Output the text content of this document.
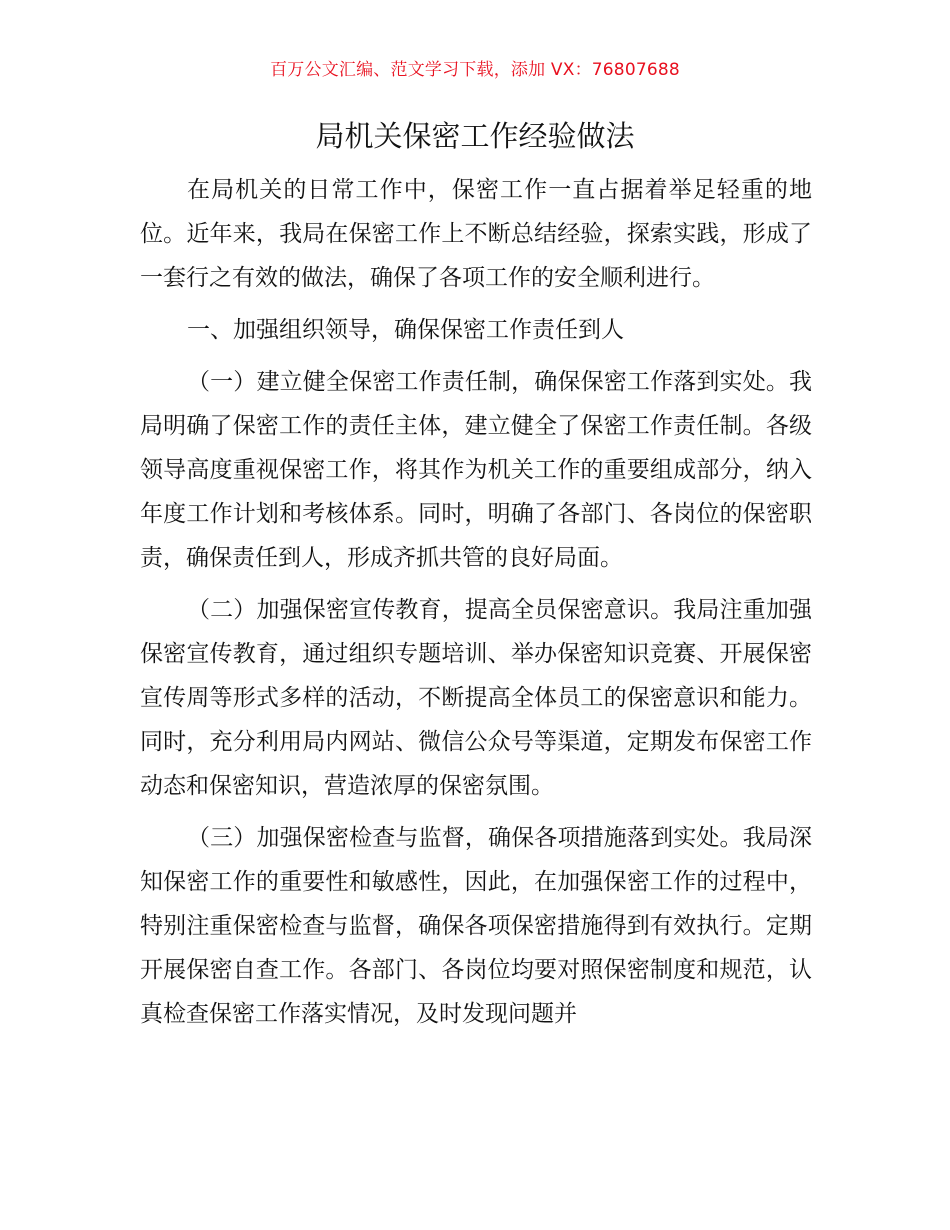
百万公文汇编、范文学习下载，添加 VX：76807688
局机关保密工作经验做法

在局机关的日常工作中，保密工作一直占据着举足轻重的地位。近年来，我局在保密工作上不断总结经验，探索实践，形成了一套行之有效的做法，确保了各项工作的安全顺利进行。

一、加强组织领导，确保保密工作责任到人

（一）建立健全保密工作责任制，确保保密工作落到实处。我局明确了保密工作的责任主体，建立健全了保密工作责任制。各级领导高度重视保密工作，将其作为机关工作的重要组成部分，纳入年度工作计划和考核体系。同时，明确了各部门、各岗位的保密职责，确保责任到人，形成齐抓共管的良好局面。

（二）加强保密宣传教育，提高全员保密意识。我局注重加强保密宣传教育，通过组织专题培训、举办保密知识竞赛、开展保密宣传周等形式多样的活动，不断提高全体员工的保密意识和能力。同时，充分利用局内网站、微信公众号等渠道，定期发布保密工作动态和保密知识，营造浓厚的保密氛围。

（三）加强保密检查与监督，确保各项措施落到实处。我局深知保密工作的重要性和敏感性，因此，在加强保密工作的过程中，特别注重保密检查与监督，确保各项保密措施得到有效执行。定期开展保密自查工作。各部门、各岗位均要对照保密制度和规范，认真检查保密工作落实情况，及时发现问题并
